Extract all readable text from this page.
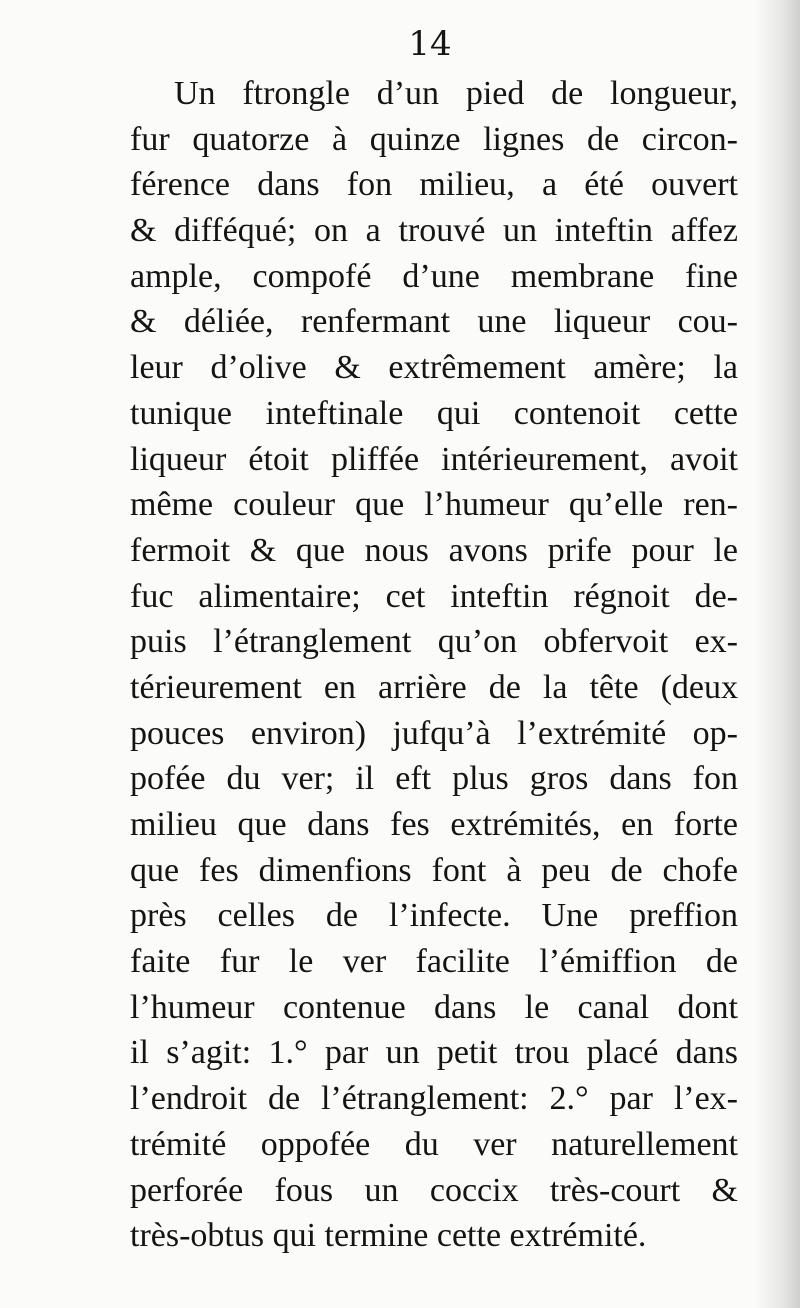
14
Un ftrongle d’un pied de longueur,
fur quatorze à quinze lignes de circon-
férence dans fon milieu, a été ouvert
& difféqué; on a trouvé un inteftin affez
ample, compofé d’une membrane fine
& déliée, renfermant une liqueur cou-
leur d’olive & extrêmement amère; la
tunique inteftinale qui contenoit cette
liqueur étoit pliffée intérieurement, avoit
même couleur que l’humeur qu’elle ren-
fermoit & que nous avons prife pour le
fuc alimentaire; cet inteftin régnoit de-
puis l’étranglement qu’on obfervoit ex-
térieurement en arrière de la tête (deux
pouces environ) jufqu’à l’extrémité op-
pofée du ver; il eft plus gros dans fon
milieu que dans fes extrémités, en forte
que fes dimenfions font à peu de chofe
près celles de l’infecte. Une preffion
faite fur le ver facilite l’émiffion de
l’humeur contenue dans le canal dont
il s’agit: 1.° par un petit trou placé dans
l’endroit de l’étranglement: 2.° par l’ex-
trémité oppofée du ver naturellement
perforée fous un coccix très-court &
très-obtus qui termine cette extrémité.
